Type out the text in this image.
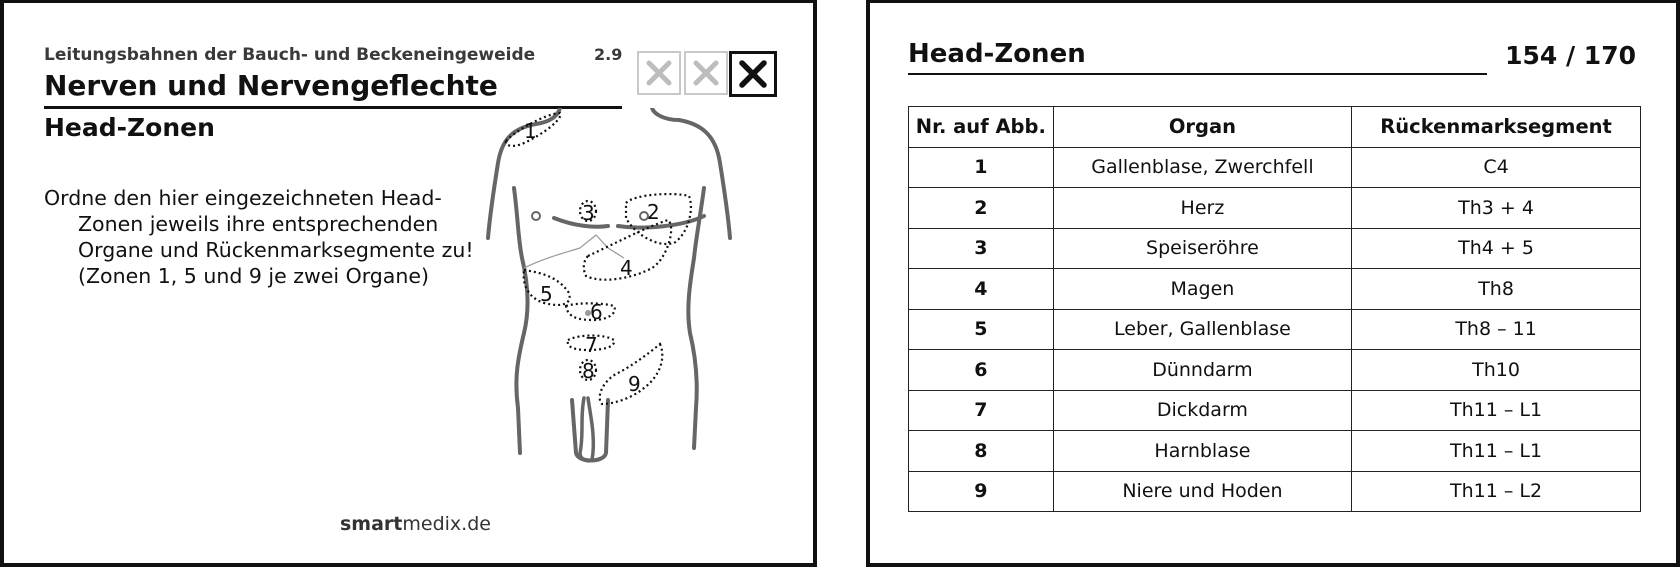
Leitungsbahnen der Bauch- und Beckeneingeweide	2.9
Nerven und Nervengeflechte
Head-Zonen
Ordne den hier eingezeichneten Head-Zonen jeweils ihre entsprechenden Organe und Rückenmarksegmente zu! (Zonen 1, 5 und 9 je zwei Organe)
1
2
3
4
5
6
7
8
9
smartmedix.de
Head-Zonen	154 / 170
Nr. auf Abb.	Organ	Rückenmarksegment
1	Gallenblase, Zwerchfell	C4
2	Herz	Th3 + 4
3	Speiseröhre	Th4 + 5
4	Magen	Th8
5	Leber, Gallenblase	Th8 – 11
6	Dünndarm	Th10
7	Dickdarm	Th11 – L1
8	Harnblase	Th11 – L1
9	Niere und Hoden	Th11 – L2
